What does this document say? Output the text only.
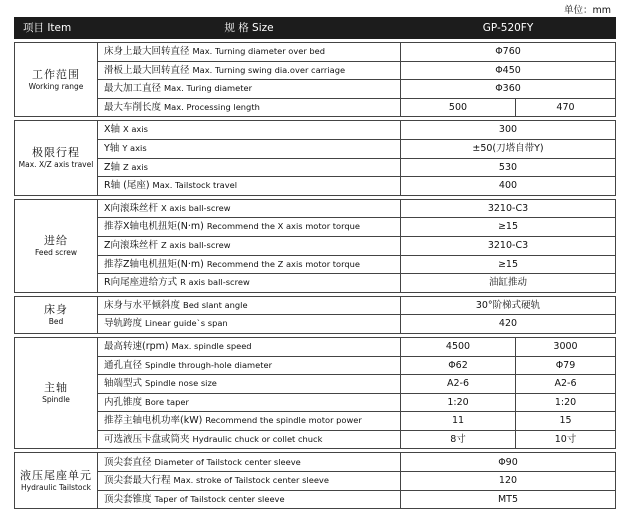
单位：mm
项目 Item	规 格 Size	GP-520FY	

工作范围
Working range	床身上最大回转直径 Max. Turning diameter over bed	Φ760	
	滑板上最大回转直径 Max. Turning swing dia.over carriage	Φ450	
	最大加工直径 Max. Turing diameter	Φ360	
	最大车削长度 Max. Processing length	500	470

极限行程
Max. X/Z axis travel	X轴 X axis	300	
	Y轴 Y axis	±50(刀塔自带Y)	
	Z轴 Z axis	530	
	R轴 (尾座) Max. Tailstock travel	400	

进给
Feed screw	X向滚珠丝杆 X axis ball-screw	3210-C3	
	推荐X轴电机扭矩(N·m) Recommend the X axis motor torque	≥15	
	Z向滚珠丝杆 Z axis ball-screw	3210-C3	
	推荐Z轴电机扭矩(N·m) Recommend the Z axis motor torque	≥15	
	R向尾座进给方式 R axis ball-screw	油缸推动	

床身
Bed	床身与水平倾斜度 Bed slant angle	30°阶梯式硬轨	
	导轨跨度 Linear guide`s span	420	

主轴
Spindle	最高转速(rpm) Max. spindle speed	4500	3000
	通孔直径 Spindle through-hole diameter	Φ62	Φ79
	轴端型式 Spindle nose size	A2-6	A2-6
	内孔锥度 Bore taper	1:20	1:20
	推荐主轴电机功率(kW) Recommend the spindle motor power	11	15
	可选液压卡盘或筒夹 Hydraulic chuck or collet chuck	8寸	10寸

液压尾座单元
Hydraulic Tailstock	顶尖套直径 Diameter of Tailstock center sleeve	Φ90	
	顶尖套最大行程 Max. stroke of Tailstock center sleeve	120	
	顶尖套锥度 Taper of Tailstock center sleeve	MT5	
